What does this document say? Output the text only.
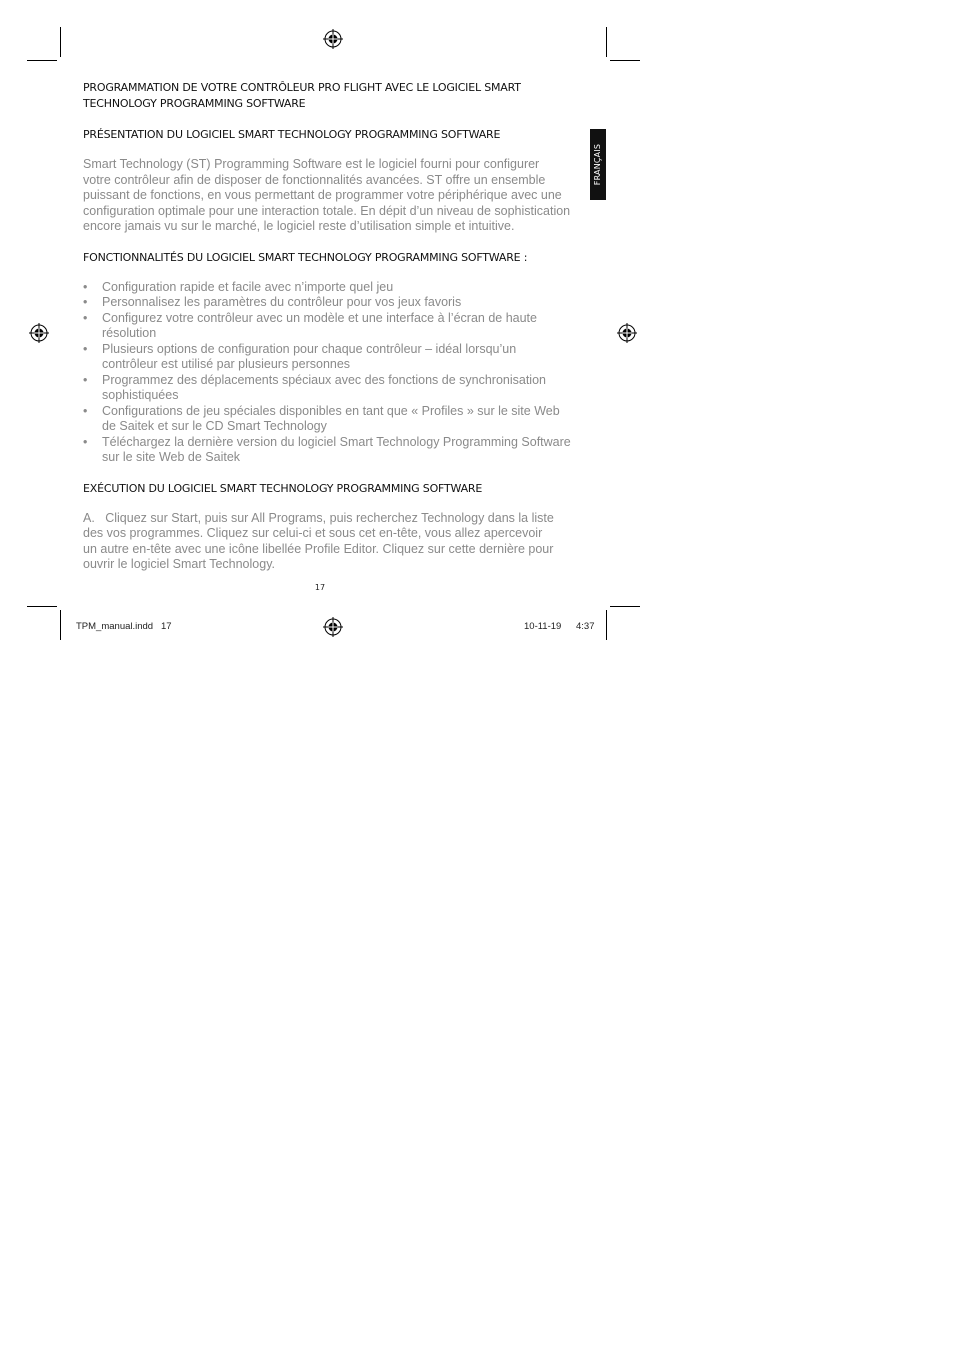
FRANÇAIS
PROGRAMMATION DE VOTRE CONTRÔLEUR PRO FLIGHT AVEC LE LOGICIEL SMART
TECHNOLOGY PROGRAMMING SOFTWARE
PRÉSENTATION DU LOGICIEL SMART TECHNOLOGY PROGRAMMING SOFTWARE

Smart Technology (ST) Programming Software est le logiciel fourni pour configurer
votre contrôleur afin de disposer de fonctionnalités avancées. ST offre un ensemble
puissant de fonctions, en vous permettant de programmer votre périphérique avec une
configuration optimale pour une interaction totale. En dépit d’un niveau de sophistication
encore jamais vu sur le marché, le logiciel reste d’utilisation simple et intuitive.

FONCTIONNALITÉS DU LOGICIEL SMART TECHNOLOGY PROGRAMMING SOFTWARE :
• Configuration rapide et facile avec n’importe quel jeu
• Personnalisez les paramètres du contrôleur pour vos jeux favoris
• Configurez votre contrôleur avec un modèle et une interface à l’écran de haute
résolution
• Plusieurs options de configuration pour chaque contrôleur – idéal lorsqu’un
contrôleur est utilisé par plusieurs personnes
• Programmez des déplacements spéciaux avec des fonctions de synchronisation
sophistiquées
• Configurations de jeu spéciales disponibles en tant que « Profiles » sur le site Web
de Saitek et sur le CD Smart Technology
• Téléchargez la dernière version du logiciel Smart Technology Programming Software
sur le site Web de Saitek
EXÉCUTION DU LOGICIEL SMART TECHNOLOGY PROGRAMMING SOFTWARE

A.   Cliquez sur Start, puis sur All Programs, puis recherchez Technology dans la liste
des vos programmes. Cliquez sur celui-ci et sous cet en-tête, vous allez apercevoir
un autre en-tête avec une icône libellée Profile Editor. Cliquez sur cette dernière pour
ouvrir le logiciel Smart Technology.

17
TPM_manual.indd   17	10-11-19 4:37
